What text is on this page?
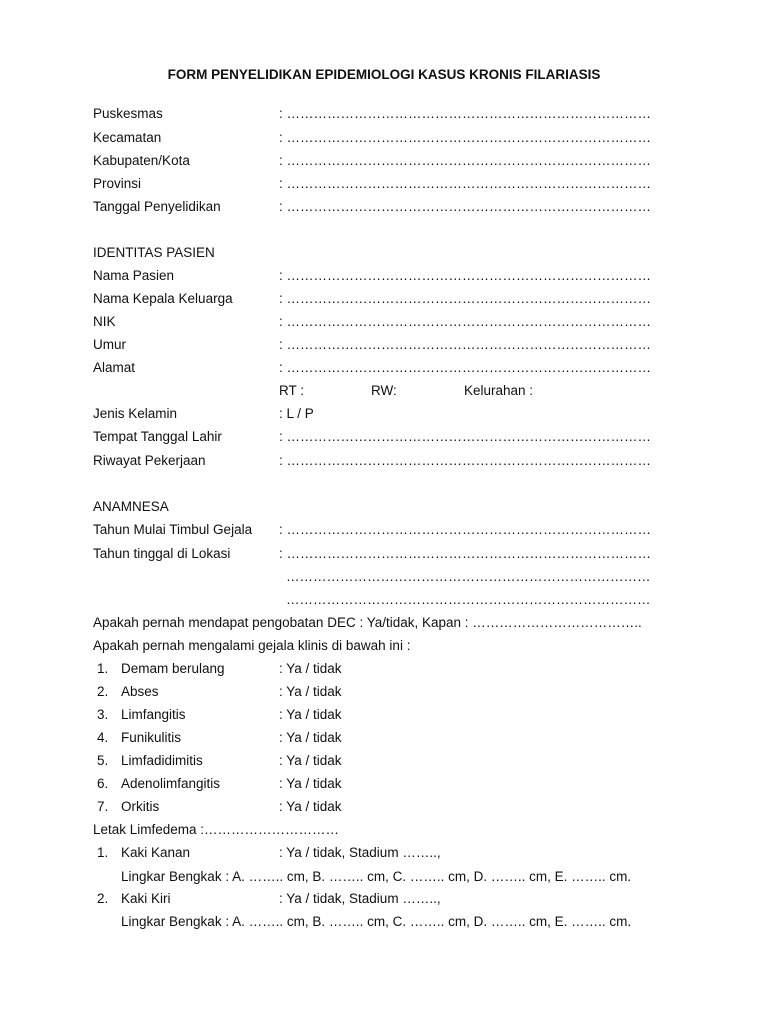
FORM PENYELIDIKAN EPIDEMIOLOGI KASUS KRONIS FILARIASIS
Puskesmas	: ………………………………………………………………………
Kecamatan	: ………………………………………………………………………
Kabupaten/Kota	: ………………………………………………………………………
Provinsi	: ………………………………………………………………………
Tanggal Penyelidikan	: ………………………………………………………………………
IDENTITAS PASIEN
Nama Pasien	: ………………………………………………………………………
Nama Kepala Keluarga	: ………………………………………………………………………
NIK	: ………………………………………………………………………
Umur	: ………………………………………………………………………
Alamat	: ………………………………………………………………………
RT :	RW:	Kelurahan :
Jenis Kelamin	: L / P
Tempat Tanggal Lahir	: ………………………………………………………………………
Riwayat Pekerjaan	: ………………………………………………………………………
ANAMNESA
Tahun Mulai Timbul Gejala : ………………………………………………………………………
Tahun tinggal di Lokasi	: ………………………………………………………………………
………………………………………………………………………
………………………………………………………………………
Apakah pernah mendapat pengobatan DEC : Ya/tidak, Kapan : ………………………………..
Apakah pernah mengalami gejala klinis di bawah ini :
1. Demam berulang	: Ya / tidak
2. Abses	: Ya / tidak
3. Limfangitis	: Ya / tidak
4. Funikulitis	: Ya / tidak
5. Limfadidimitis	: Ya / tidak
6. Adenolimfangitis	: Ya / tidak
7. Orkitis	: Ya / tidak
Letak Limfedema :…………………………
1. Kaki Kanan	: Ya / tidak, Stadium ……..,
Lingkar Bengkak : A. …….. cm, B. …….. cm, C. …….. cm, D. …….. cm, E. …….. cm.
2. Kaki Kiri	: Ya / tidak, Stadium ……..,
Lingkar Bengkak : A. …….. cm, B. …….. cm, C. …….. cm, D. …….. cm, E. …….. cm.
